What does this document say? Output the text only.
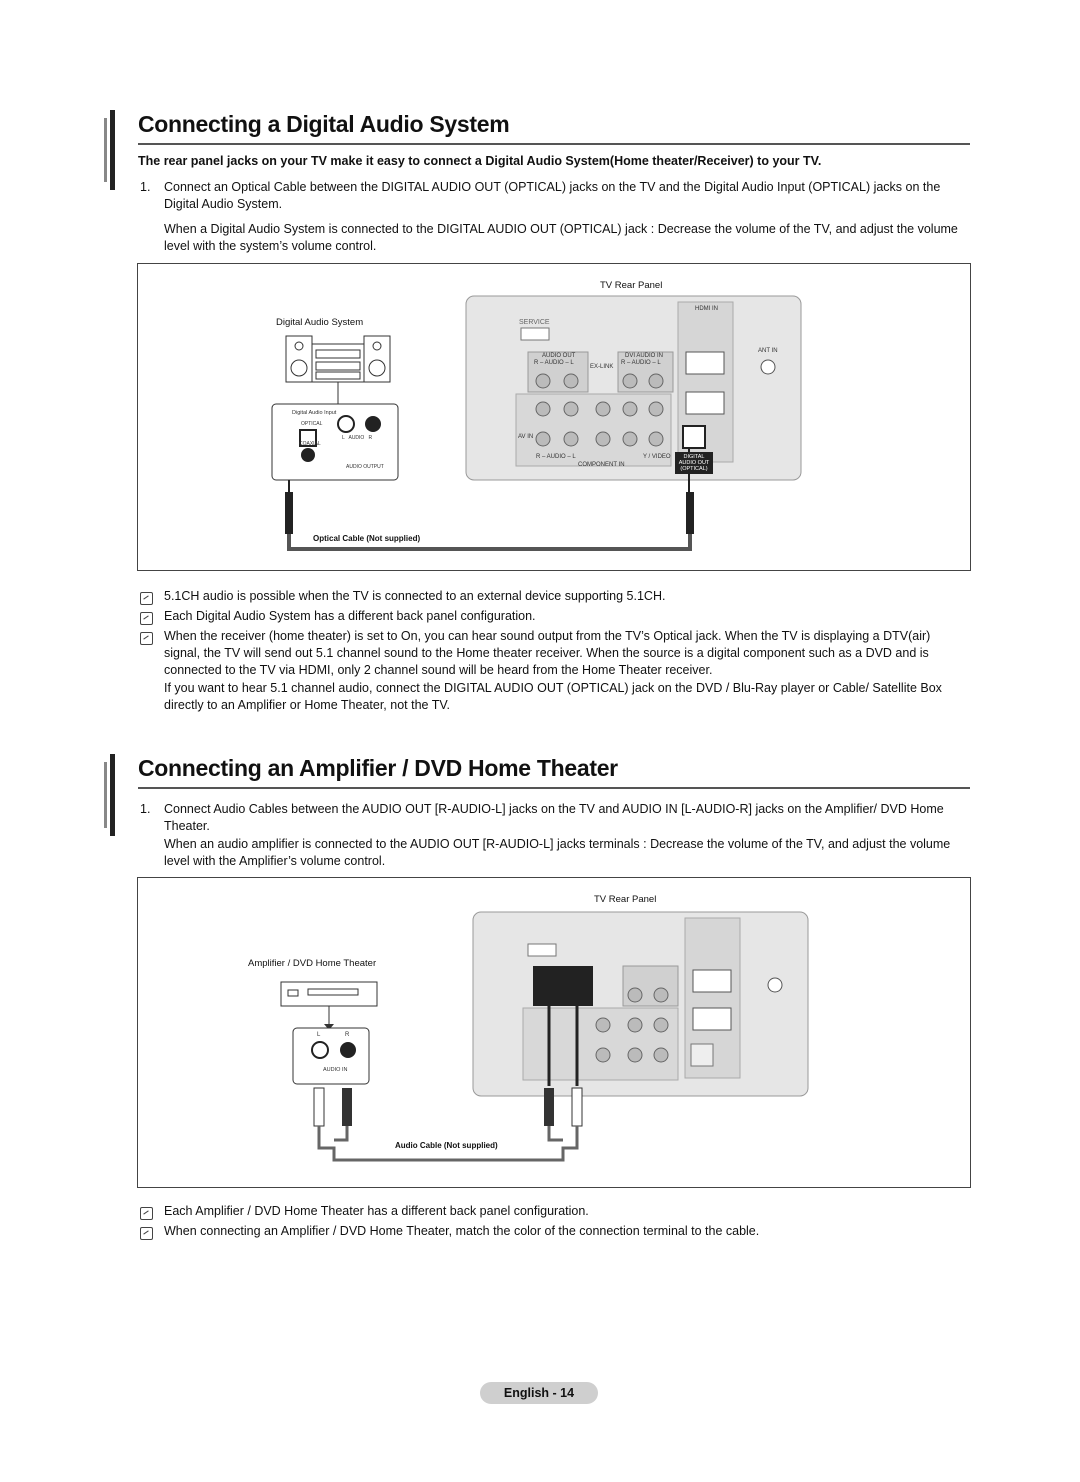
Connecting a Digital Audio System
The rear panel jacks on your TV make it easy to connect a Digital Audio System(Home theater/Receiver) to your TV.
1. Connect an Optical Cable between the DIGITAL AUDIO OUT (OPTICAL) jacks on the TV and the Digital Audio Input (OPTICAL) jacks on the Digital Audio System.
When a Digital Audio System is connected to the DIGITAL AUDIO OUT (OPTICAL) jack : Decrease the volume of the TV, and adjust the volume level with the system’s volume control.
TV Rear Panel
Digital Audio System	SERVICE
HDMI IN
ANT IN
AUDIO OUT
R – AUDIO – L
DVI AUDIO IN
R – AUDIO – L
EX-LINK
AV IN
R – AUDIO – L	Y / VIDEO
COMPONENT IN
DIGITAL AUDIO OUT (OPTICAL)
Digital Audio Input
OPTICAL
COAXIAL
L   AUDIO   R
AUDIO OUTPUT
Optical Cable (Not supplied)
5.1CH audio is possible when the TV is connected to an external device supporting 5.1CH.
Each Digital Audio System has a different back panel configuration.
When the receiver (home theater) is set to On, you can hear sound output from the TV’s Optical jack. When the TV is displaying a DTV(air) signal, the TV will send out 5.1 channel sound to the Home theater receiver. When the source is a digital component such as a DVD and is connected to the TV via HDMI, only 2 channel sound will be heard from the Home Theater receiver.
If you want to hear 5.1 channel audio, connect the DIGITAL AUDIO OUT (OPTICAL) jack on the DVD / Blu-Ray player or Cable/ Satellite Box directly to an Amplifier or Home Theater, not the TV.
Connecting an Amplifier / DVD Home Theater
1. Connect Audio Cables between the AUDIO OUT [R-AUDIO-L] jacks on the TV and AUDIO IN [L-AUDIO-R] jacks on the Amplifier/ DVD Home Theater.
When an audio amplifier is connected to the AUDIO OUT [R-AUDIO-L] jacks terminals : Decrease the volume of the TV, and adjust the volume level with the Amplifier’s volume control.
TV Rear Panel
Amplifier / DVD Home Theater
L	R
AUDIO IN
Audio Cable (Not supplied)
Each Amplifier / DVD Home Theater has a different back panel configuration.
When connecting an Amplifier / DVD Home Theater, match the color of the connection terminal to the cable.
English - 14
